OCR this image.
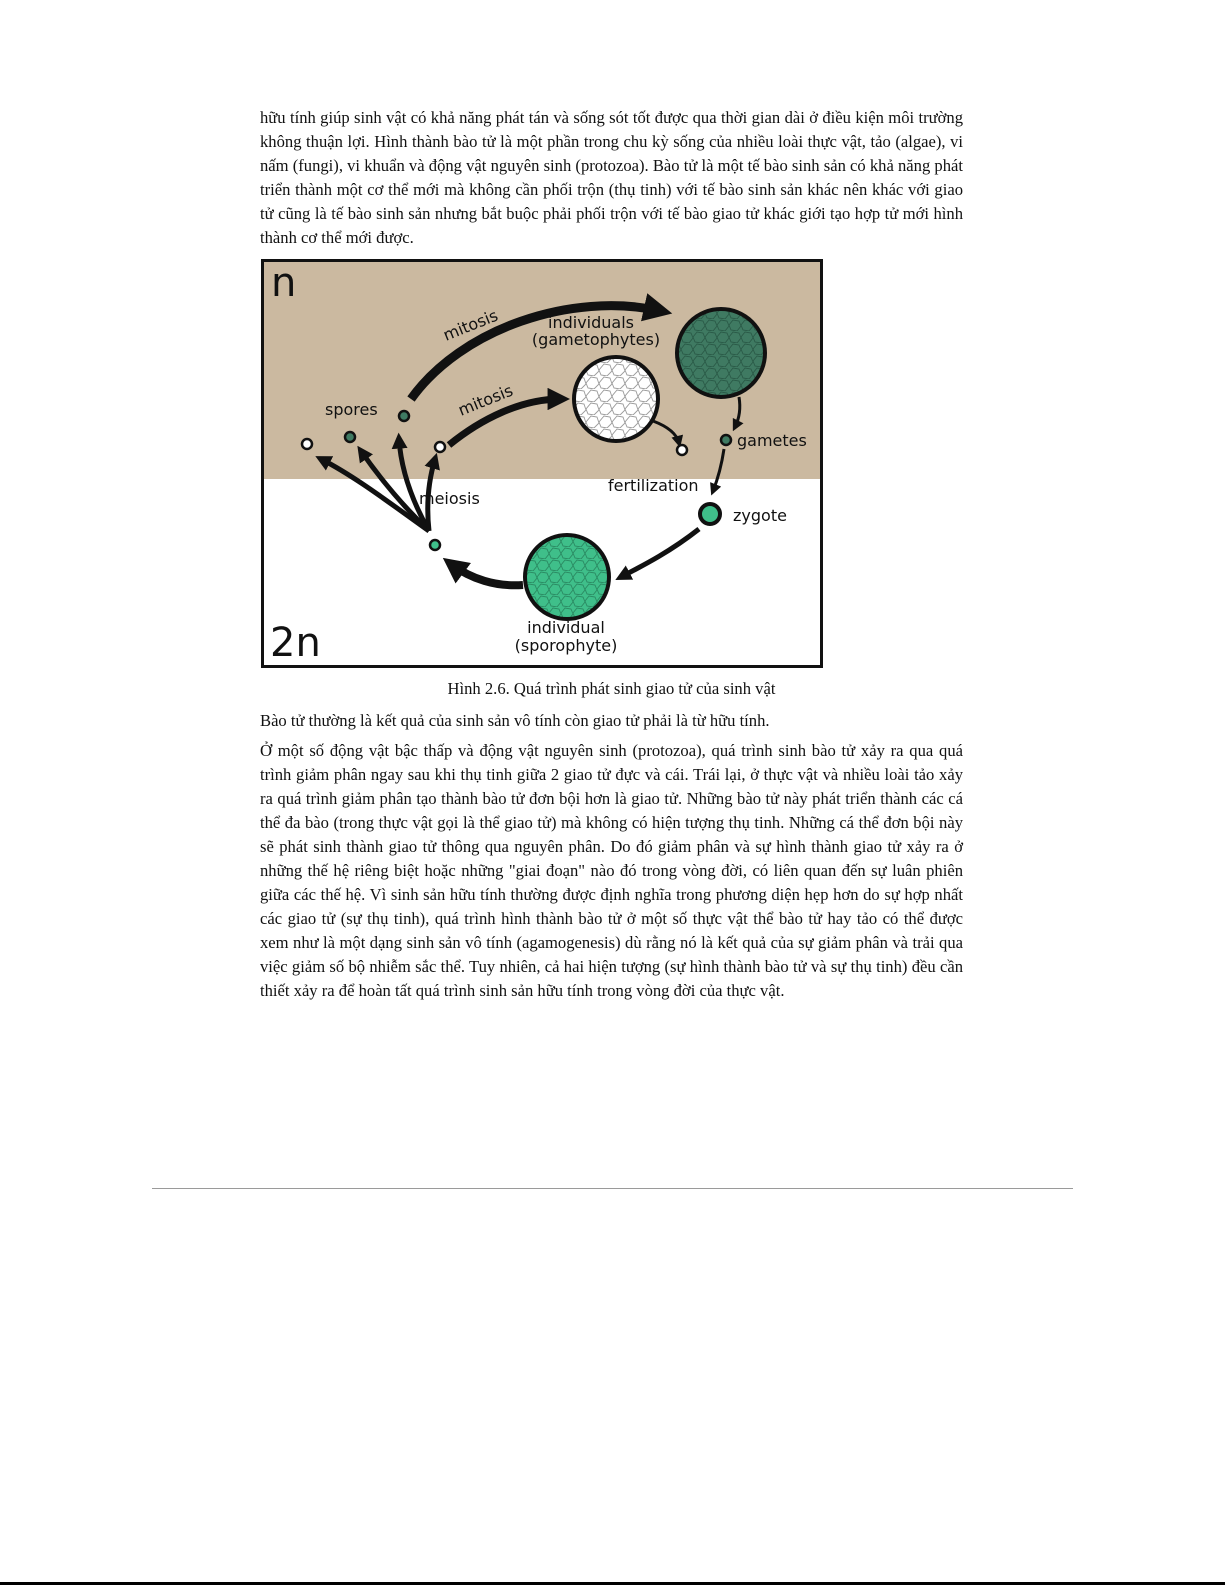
hữu tính giúp sinh vật có khả năng phát tán và sống sót tốt được qua thời gian dài ở điều kiện môi trường không thuận lợi. Hình thành bào tử là một phần trong chu kỳ sống của nhiều loài thực vật, tảo (algae), vi nấm (fungi), vi khuẩn và động vật nguyên sinh (protozoa). Bào tử là một tế bào sinh sản có khả năng phát triển thành một cơ thể mới mà không cần phối trộn (thụ tinh) với tế bào sinh sản khác nên khác với giao tử cũng là tế bào sinh sản nhưng bắt buộc phải phối trộn với tế bào giao tử khác giới tạo hợp tử mới hình thành cơ thể mới được.

n
2n
mitosis
mitosis
individuals
(gametophytes)
gametes
fertilization
zygote
individual
(sporophyte)
meiosis
spores
Hình 2.6. Quá trình phát sinh giao tử của sinh vật

Bào tử thường là kết quả của sinh sản vô tính còn giao tử phải là từ hữu tính.

Ở một số động vật bậc thấp và động vật nguyên sinh (protozoa), quá trình sinh bào tử xảy ra qua quá trình giảm phân ngay sau khi thụ tinh giữa 2 giao tử đực và cái. Trái lại, ở thực vật và nhiều loài tảo xảy ra quá trình giảm phân tạo thành bào tử đơn bội hơn là giao tử. Những bào tử này phát triển thành các cá thể đa bào (trong thực vật gọi là thể giao tử) mà không có hiện tượng thụ tinh. Những cá thể đơn bội này sẽ phát sinh thành giao tử thông qua nguyên phân. Do đó giảm phân và sự hình thành giao tử xảy ra ở những thế hệ riêng biệt hoặc những "giai đoạn" nào đó trong vòng đời, có liên quan đến sự luân phiên giữa các thế hệ. Vì sinh sản hữu tính thường được định nghĩa trong phương diện hẹp hơn do sự hợp nhất các giao tử (sự thụ tinh), quá trình hình thành bào tử ở một số thực vật thể bào tử hay tảo có thể được xem như là một dạng sinh sản vô tính (agamogenesis) dù rằng nó là kết quả của sự giảm phân và trải qua việc giảm số bộ nhiễm sắc thể. Tuy nhiên, cả hai hiện tượng (sự hình thành bào tử và sự thụ tinh) đều cần thiết xảy ra để hoàn tất quá trình sinh sản hữu tính trong vòng đời của thực vật.
